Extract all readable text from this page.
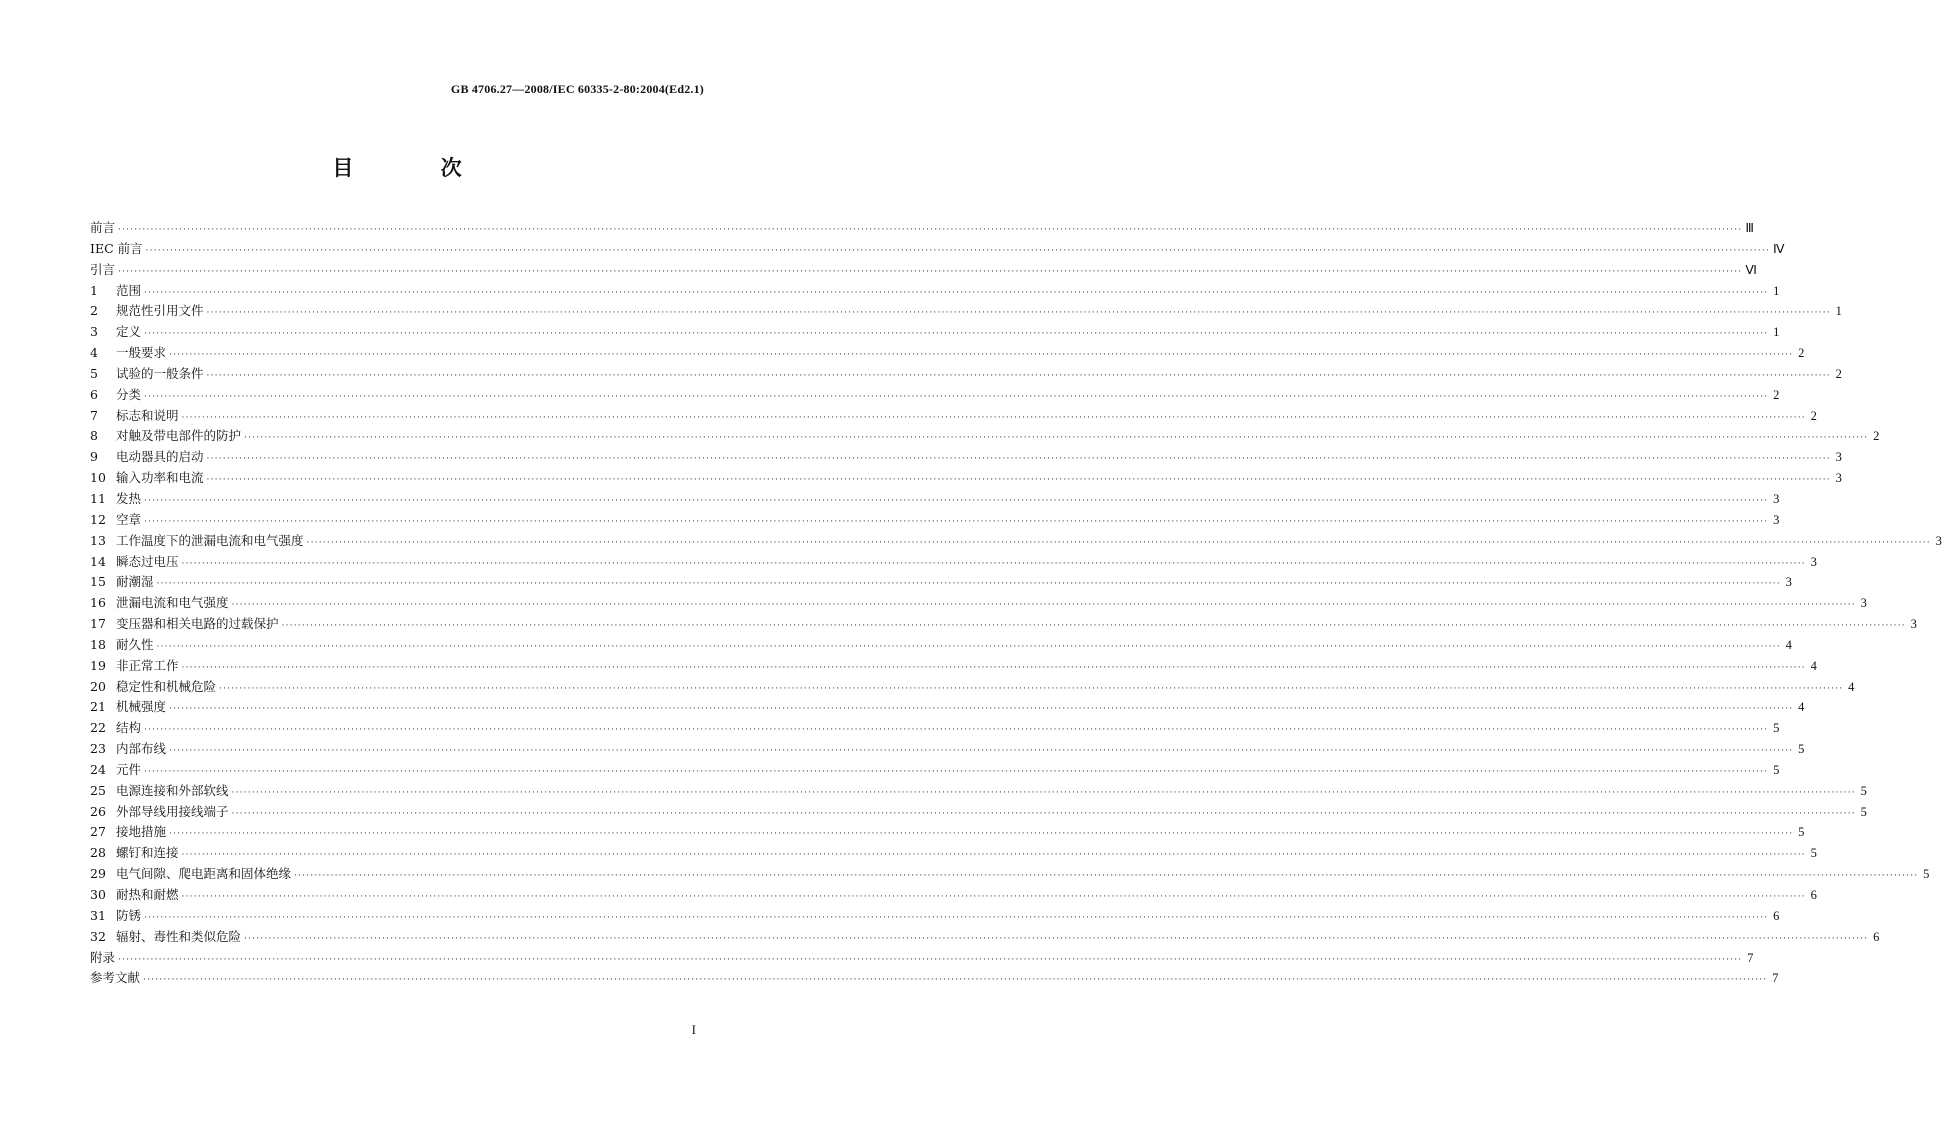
GB 4706.27—2008/IEC 60335-2-80:2004(Ed2.1)
目 次
前言 ················································································································································································································································································································································································································ Ⅲ
IEC 前言 ················································································································································································································································································································································································································ Ⅳ
引言 ················································································································································································································································································································································································································ Ⅵ
1	范围 ················································································································································································································································································································································································································ 1
2	规范性引用文件 ················································································································································································································································································································································································································ 1
3	定义 ················································································································································································································································································································································································································ 1
4	一般要求 ················································································································································································································································································································································································································ 2
5	试验的一般条件 ················································································································································································································································································································································································································ 2
6	分类 ················································································································································································································································································································································································································ 2
7	标志和说明 ················································································································································································································································································································································································································ 2
8	对触及带电部件的防护 ················································································································································································································································································································································································································ 2
9	电动器具的启动 ················································································································································································································································································································································································································ 3
10 输入功率和电流 ················································································································································································································································································································································································································ 3
11 发热 ················································································································································································································································································································································································································ 3
12 空章 ················································································································································································································································································································································································································ 3
13 工作温度下的泄漏电流和电气强度 ················································································································································································································································································································································································································ 3
14 瞬态过电压 ················································································································································································································································································································································································································ 3
15 耐潮湿 ················································································································································································································································································································································································································ 3
16 泄漏电流和电气强度 ················································································································································································································································································································································································································ 3
17 变压器和相关电路的过载保护 ················································································································································································································································································································································································································ 3
18 耐久性 ················································································································································································································································································································································································································ 4
19 非正常工作 ················································································································································································································································································································································································································ 4
20 稳定性和机械危险 ················································································································································································································································································································································································································ 4
21 机械强度 ················································································································································································································································································································································································································ 4
22 结构 ················································································································································································································································································································································································································ 5
23 内部布线 ················································································································································································································································································································································································································ 5
24 元件 ················································································································································································································································································································································································································ 5
25 电源连接和外部软线 ················································································································································································································································································································································································································ 5
26 外部导线用接线端子 ················································································································································································································································································································································································································ 5
27 接地措施 ················································································································································································································································································································································································································ 5
28 螺钉和连接 ················································································································································································································································································································································································································ 5
29 电气间隙、爬电距离和固体绝缘 ················································································································································································································································································································································································································ 5
30 耐热和耐燃 ················································································································································································································································································································································································································ 6
31 防锈 ················································································································································································································································································································································································································ 6
32 辐射、毒性和类似危险 ················································································································································································································································································································································································································ 6
附录 ················································································································································································································································································································································································································ 7
参考文献 ················································································································································································································································································································································································································ 7
I
